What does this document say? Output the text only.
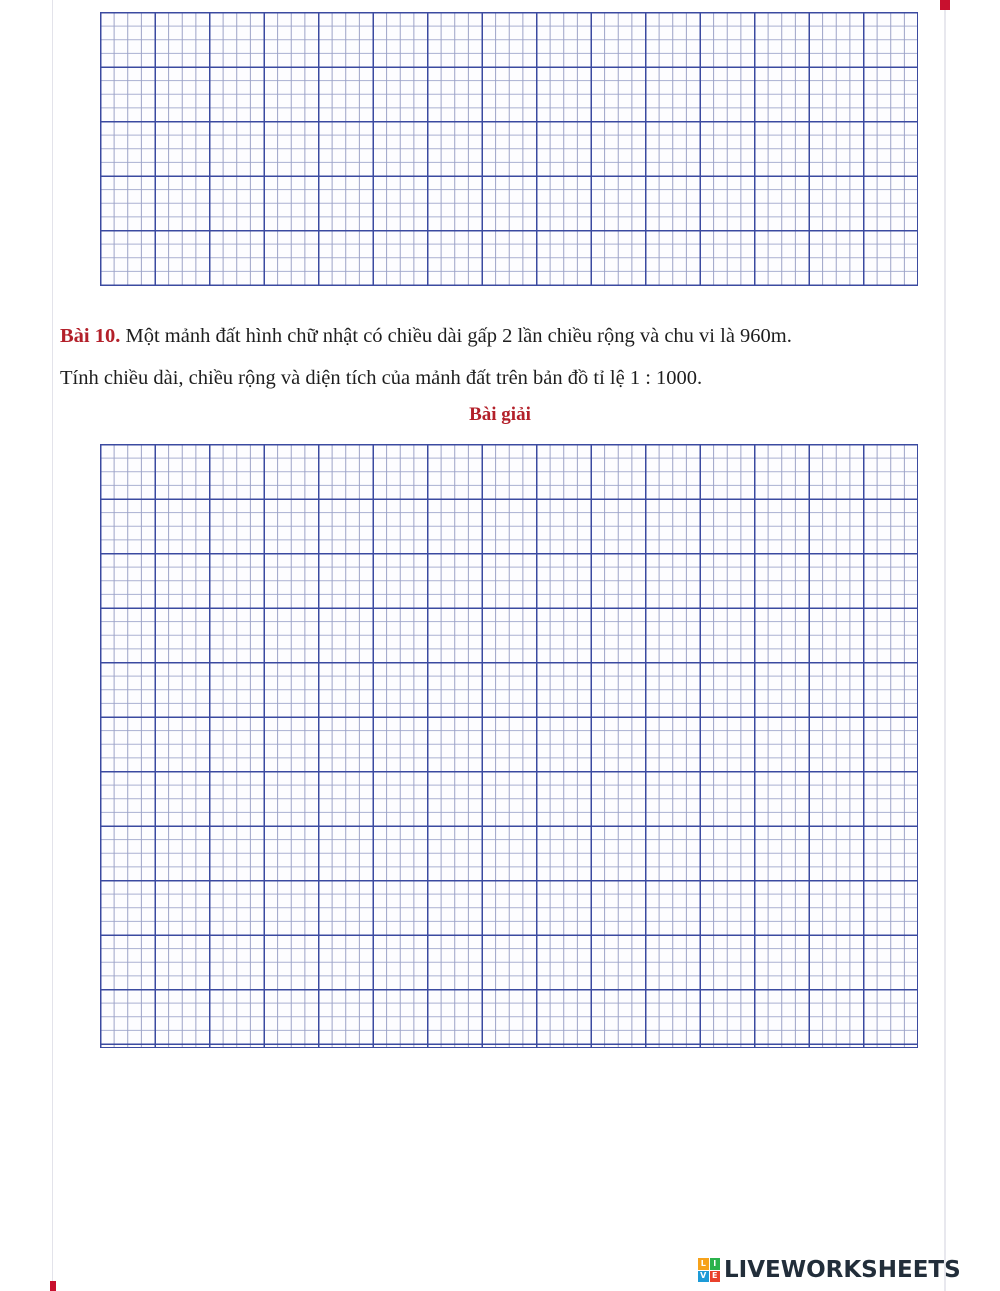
Bài 10. Một mảnh đất hình chữ nhật có chiều dài gấp 2 lần chiều rộng và chu vi là 960m.
Tính chiều dài, chiều rộng và diện tích của mảnh đất trên bản đồ tỉ lệ 1 : 1000.
Bài giải
L I
V E LIVEWORKSHEETS
